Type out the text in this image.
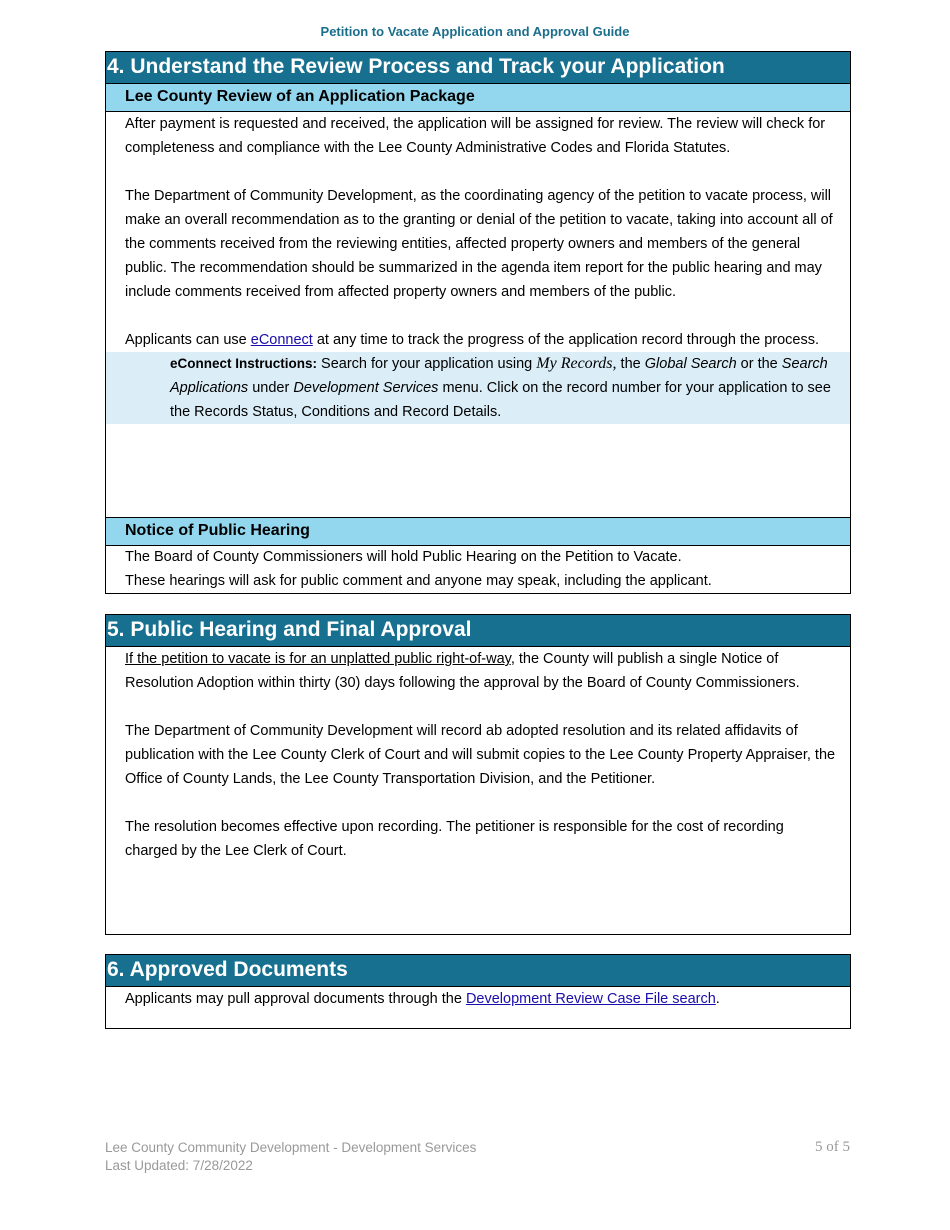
Petition to Vacate Application and Approval Guide
4. Understand the Review Process and Track your Application
Lee County Review of an Application Package

After payment is requested and received, the application will be assigned for review. The review will check for completeness and compliance with the Lee County Administrative Codes and Florida Statutes.

The Department of Community Development, as the coordinating agency of the petition to vacate process, will make an overall recommendation as to the granting or denial of the petition to vacate, taking into account all of the comments received from the reviewing entities, affected property owners and members of the general public. The recommendation should be summarized in the agenda item report for the public hearing and may include comments received from affected property owners and members of the public.

Applicants can use eConnect at any time to track the progress of the application record through the process.

eConnect Instructions: Search for your application using My Records, the Global Search or the Search Applications under Development Services menu. Click on the record number for your application to see the Records Status, Conditions and Record Details.
Notice of Public Hearing

The Board of County Commissioners will hold Public Hearing on the Petition to Vacate.

These hearings will ask for public comment and anyone may speak, including the applicant.

5. Public Hearing and Final Approval

If the petition to vacate is for an unplatted public right-of-way, the County will publish a single Notice of Resolution Adoption within thirty (30) days following the approval by the Board of County Commissioners.

The Department of Community Development will record ab adopted resolution and its related affidavits of publication with the Lee County Clerk of Court and will submit copies to the Lee County Property Appraiser, the Office of County Lands, the Lee County Transportation Division, and the Petitioner.

The resolution becomes effective upon recording. The petitioner is responsible for the cost of recording charged by the Lee Clerk of Court.

6. Approved Documents

Applicants may pull approval documents through the Development Review Case File search.

Lee County Community Development - Development Services
Last Updated: 7/28/2022
5 of 5
